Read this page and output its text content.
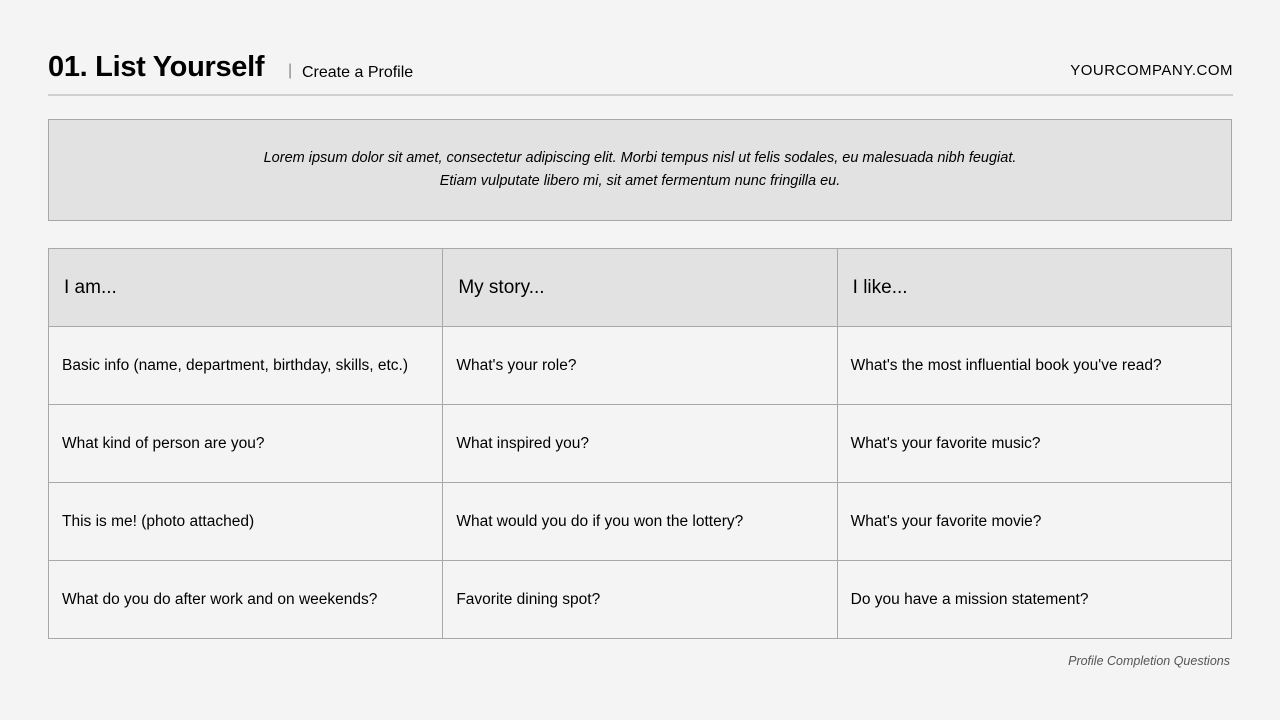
01. List Yourself | Create a Profile	YOURCOMPANY.COM
Lorem ipsum dolor sit amet, consectetur adipiscing elit. Morbi tempus nisl ut felis sodales, eu malesuada nibh feugiat.
Etiam vulputate libero mi, sit amet fermentum nunc fringilla eu.
I am...	My story...	I like...
Basic info (name, department, birthday, skills, etc.)	What's your role?	What's the most influential book you've read?
What kind of person are you?	What inspired you?	What's your favorite music?
This is me! (photo attached)	What would you do if you won the lottery?	What's your favorite movie?
What do you do after work and on weekends?	Favorite dining spot?	Do you have a mission statement?
Profile Completion Questions
